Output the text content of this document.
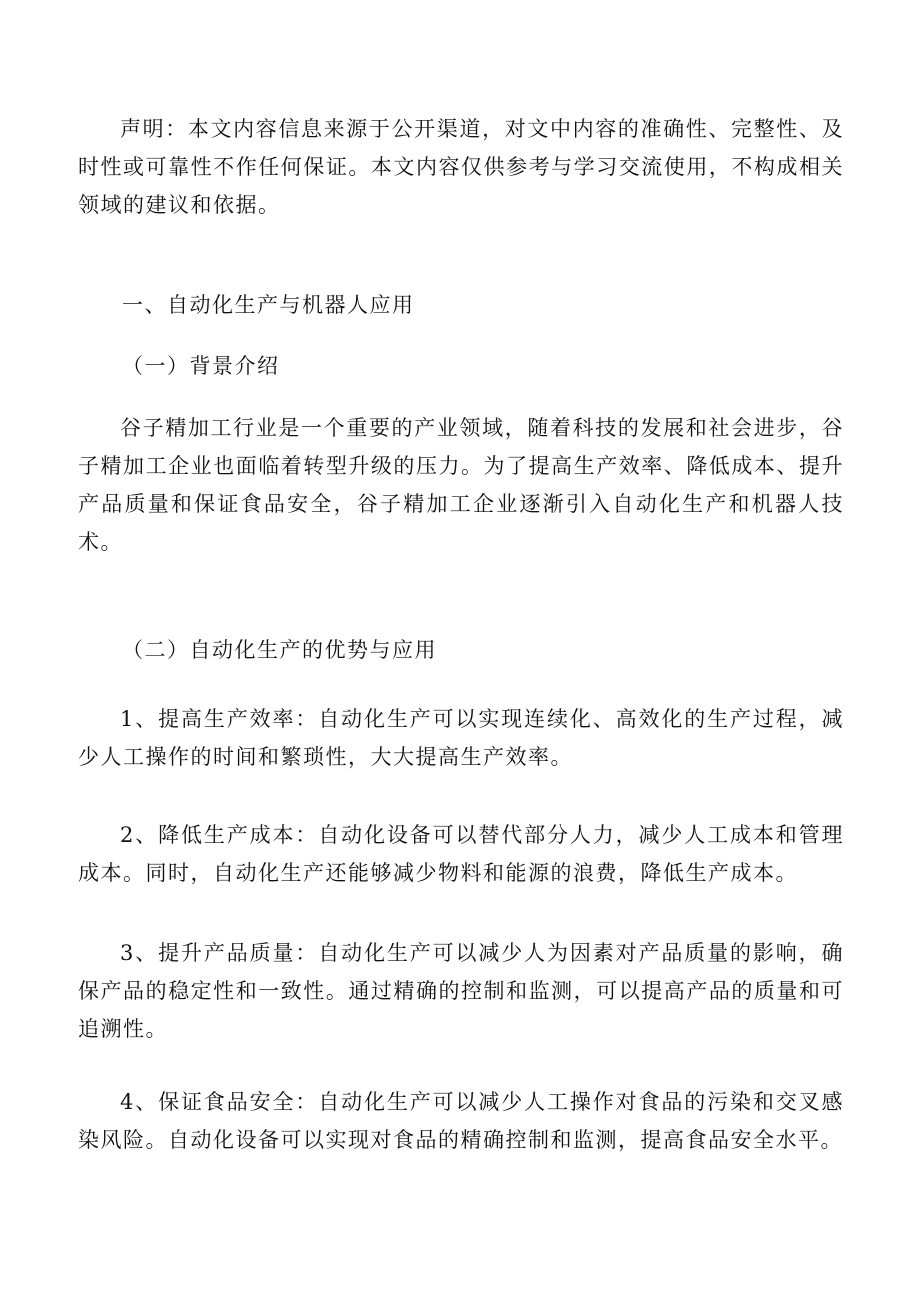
声明：本文内容信息来源于公开渠道，对文中内容的准确性、完整性、及时性或可靠性不作任何保证。本文内容仅供参考与学习交流使用，不构成相关领域的建议和依据。

一、自动化生产与机器人应用
（一）背景介绍

谷子精加工行业是一个重要的产业领域，随着科技的发展和社会进步，谷子精加工企业也面临着转型升级的压力。为了提高生产效率、降低成本、提升产品质量和保证食品安全，谷子精加工企业逐渐引入自动化生产和机器人技术。

（二）自动化生产的优势与应用

1、提高生产效率：自动化生产可以实现连续化、高效化的生产过程，减少人工操作的时间和繁琐性，大大提高生产效率。

2、降低生产成本：自动化设备可以替代部分人力，减少人工成本和管理成本。同时，自动化生产还能够减少物料和能源的浪费，降低生产成本。

3、提升产品质量：自动化生产可以减少人为因素对产品质量的影响，确保产品的稳定性和一致性。通过精确的控制和监测，可以提高产品的质量和可追溯性。

4、保证食品安全：自动化生产可以减少人工操作对食品的污染和交叉感染风险。自动化设备可以实现对食品的精确控制和监测，提高食品安全水平。
